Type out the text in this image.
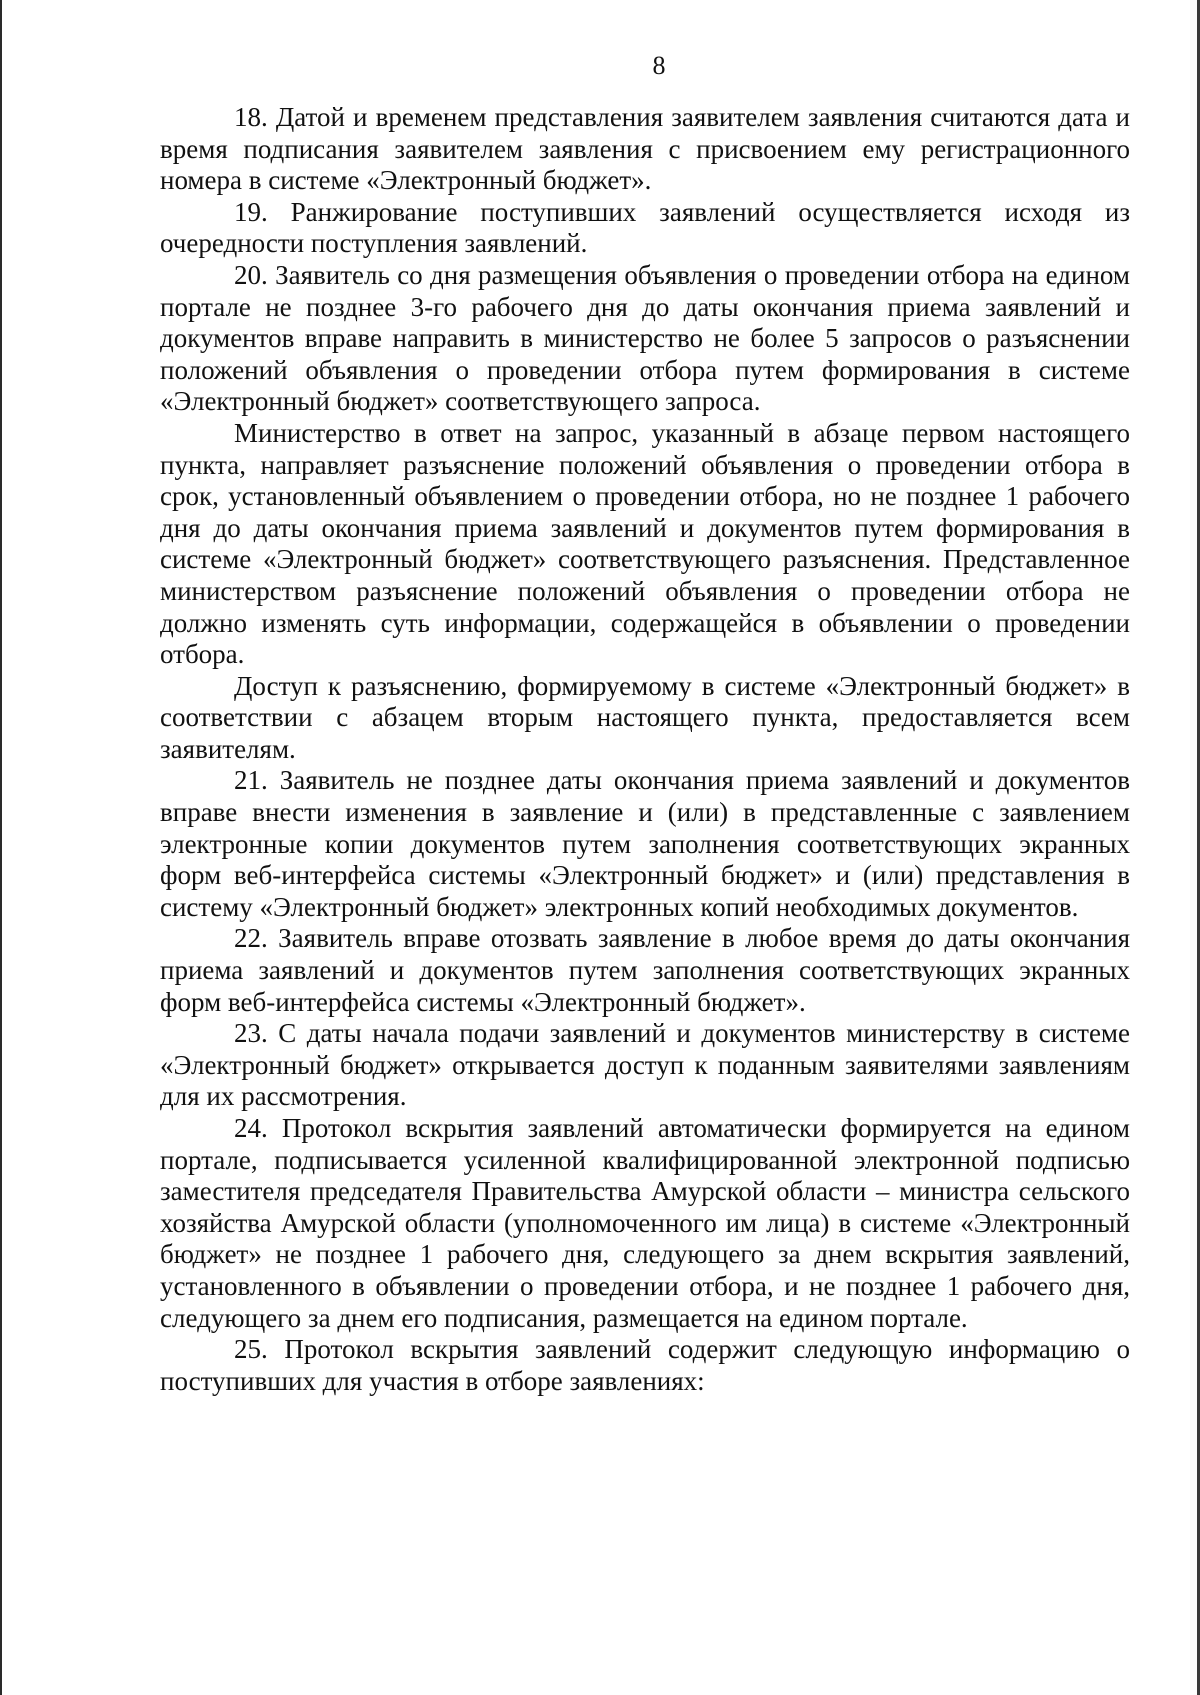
8

18. Датой и временем представления заявителем заявления считаются дата и время подписания заявителем заявления с присвоением ему регистрационного номера в системе «Электронный бюджет».

19. Ранжирование поступивших заявлений осуществляется исходя из очередности поступления заявлений.

20. Заявитель со дня размещения объявления о проведении отбора на едином портале не позднее 3-го рабочего дня до даты окончания приема заявлений и документов вправе направить в министерство не более 5 запросов о разъяснении положений объявления о проведении отбора путем формирования в системе «Электронный бюджет» соответствующего запроса.

Министерство в ответ на запрос, указанный в абзаце первом настоящего пункта, направляет разъяснение положений объявления о проведении отбора в срок, установленный объявлением о проведении отбора, но не позднее 1 рабочего дня до даты окончания приема заявлений и документов путем формирования в системе «Электронный бюджет» соответствующего разъяснения. Представленное министерством разъяснение положений объявления о проведении отбора не должно изменять суть информации, содержащейся в объявлении о проведении отбора.

Доступ к разъяснению, формируемому в системе «Электронный бюджет» в соответствии с абзацем вторым настоящего пункта, предоставляется всем заявителям.

21. Заявитель не позднее даты окончания приема заявлений и документов вправе внести изменения в заявление и (или) в представленные с заявлением электронные копии документов путем заполнения соответствующих экранных форм веб-интерфейса системы «Электронный бюджет» и (или) представления в систему «Электронный бюджет» электронных копий необходимых документов.

22. Заявитель вправе отозвать заявление в любое время до даты окончания приема заявлений и документов путем заполнения соответствующих экранных форм веб-интерфейса системы «Электронный бюджет».

23. С даты начала подачи заявлений и документов министерству в системе «Электронный бюджет» открывается доступ к поданным заявителями заявлениям для их рассмотрения.

24. Протокол вскрытия заявлений автоматически формируется на едином портале, подписывается усиленной квалифицированной электронной подписью заместителя председателя Правительства Амурской области – министра сельского хозяйства Амурской области (уполномоченного им лица) в системе «Электронный бюджет» не позднее 1 рабочего дня, следующего за днем вскрытия заявлений, установленного в объявлении о проведении отбора, и не позднее 1 рабочего дня, следующего за днем его подписания, размещается на едином портале.

25. Протокол вскрытия заявлений содержит следующую информацию о поступивших для участия в отборе заявлениях:
